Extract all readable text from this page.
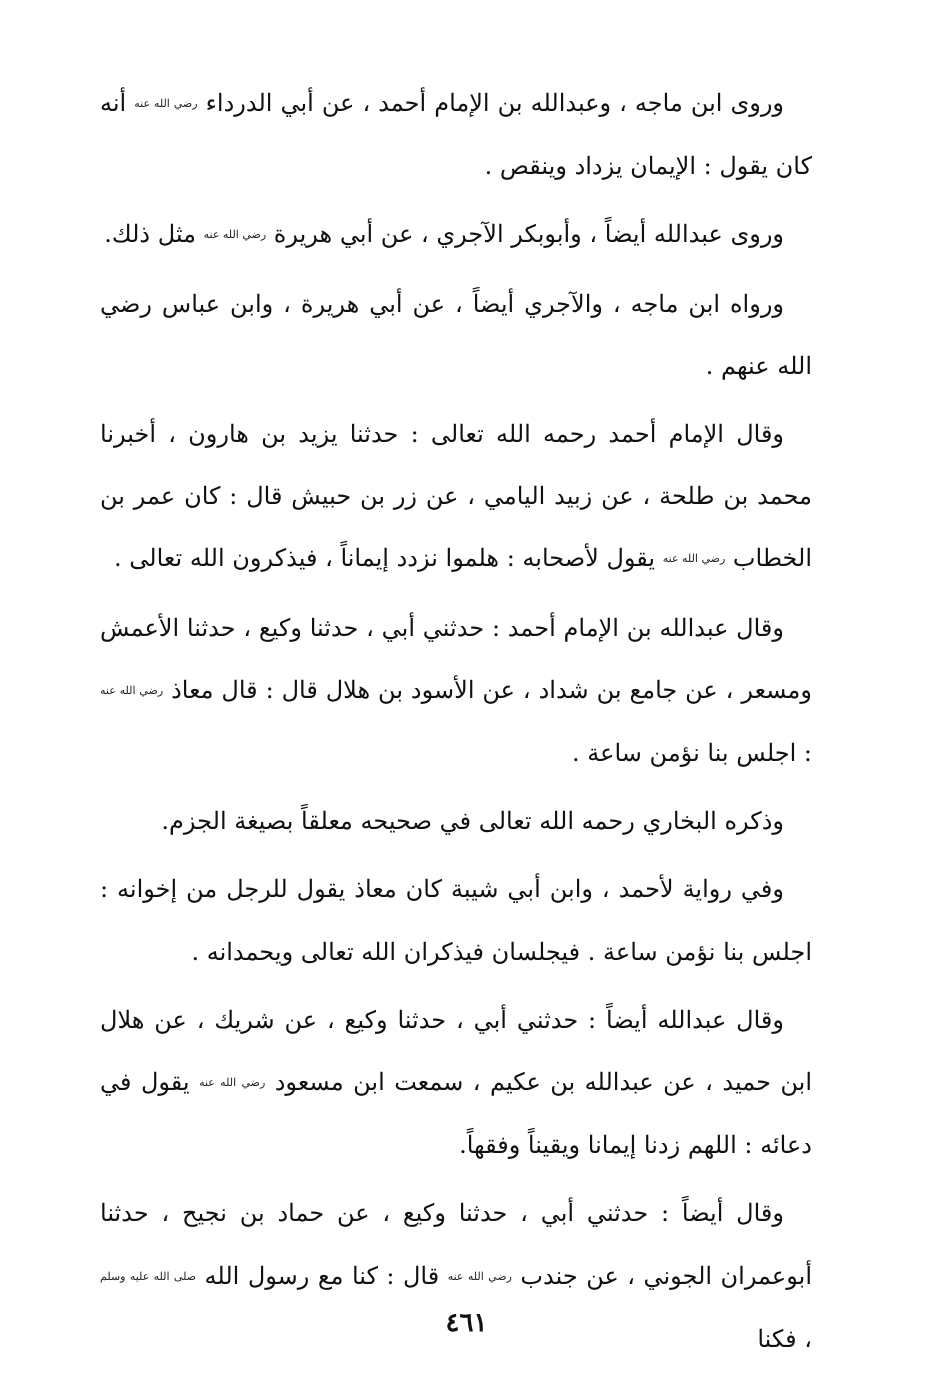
وروى ابن ماجه ، وعبدالله بن الإمام أحمد ، عن أبي الدرداء رضي الله عنه أنه كان يقول : الإيمان يزداد وينقص .

وروى عبدالله أيضاً ، وأبوبكر الآجري ، عن أبي هريرة رضي الله عنه مثل ذلك.

ورواه ابن ماجه ، والآجري أيضاً ، عن أبي هريرة ، وابن عباس رضي الله عنهم .

وقال الإمام أحمد رحمه الله تعالى : حدثنا يزيد بن هارون ، أخبرنا محمد بن طلحة ، عن زبيد اليامي ، عن زر بن حبيش قال : كان عمر بن الخطاب رضي الله عنه يقول لأصحابه : هلموا نزدد إيماناً ، فيذكرون الله تعالى .

وقال عبدالله بن الإمام أحمد : حدثني أبي ، حدثنا وكيع ، حدثنا الأعمش ومسعر ، عن جامع بن شداد ، عن الأسود بن هلال قال : قال معاذ رضي الله عنه : اجلس بنا نؤمن ساعة .

وذكره البخاري رحمه الله تعالى في صحيحه معلقاً بصيغة الجزم.

وفي رواية لأحمد ، وابن أبي شيبة كان معاذ يقول للرجل من إخوانه : اجلس بنا نؤمن ساعة . فيجلسان فيذكران الله تعالى ويحمدانه .

وقال عبدالله أيضاً : حدثني أبي ، حدثنا وكيع ، عن شريك ، عن هلال ابن حميد ، عن عبدالله بن عكيم ، سمعت ابن مسعود رضي الله عنه يقول في دعائه : اللهم زدنا إيمانا ويقيناً وفقهاً.

وقال أيضاً : حدثني أبي ، حدثنا وكيع ، عن حماد بن نجيح ، حدثنا أبوعمران الجوني ، عن جندب رضي الله عنه قال : كنا مع رسول الله صلى الله عليه وسلم ، فكنا

٤٦١
